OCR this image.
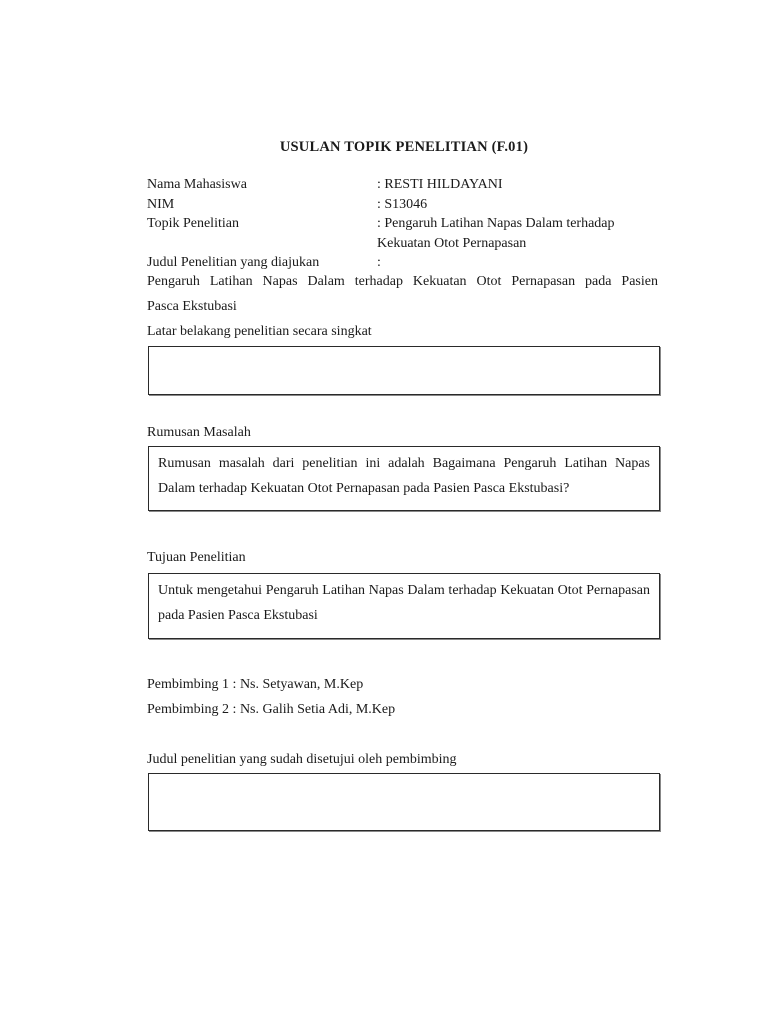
USULAN TOPIK PENELITIAN (F.01)
Nama Mahasiswa	: RESTI HILDAYANI
NIM	: S13046
Topik Penelitian	: Pengaruh Latihan Napas Dalam terhadap
Kekuatan Otot Pernapasan
Judul Penelitian yang diajukan	:
Pengaruh Latihan Napas Dalam terhadap Kekuatan Otot Pernapasan pada Pasien
Pasca Ekstubasi
Latar belakang penelitian secara singkat
Rumusan Masalah
Rumusan masalah dari penelitian ini adalah Bagaimana Pengaruh Latihan Napas Dalam terhadap Kekuatan Otot Pernapasan pada Pasien Pasca Ekstubasi?
Tujuan Penelitian
Untuk mengetahui Pengaruh Latihan Napas Dalam terhadap Kekuatan Otot Pernapasan pada Pasien Pasca Ekstubasi
Pembimbing 1 : Ns. Setyawan, M.Kep
Pembimbing 2 : Ns. Galih Setia Adi, M.Kep
Judul penelitian yang sudah disetujui oleh pembimbing
